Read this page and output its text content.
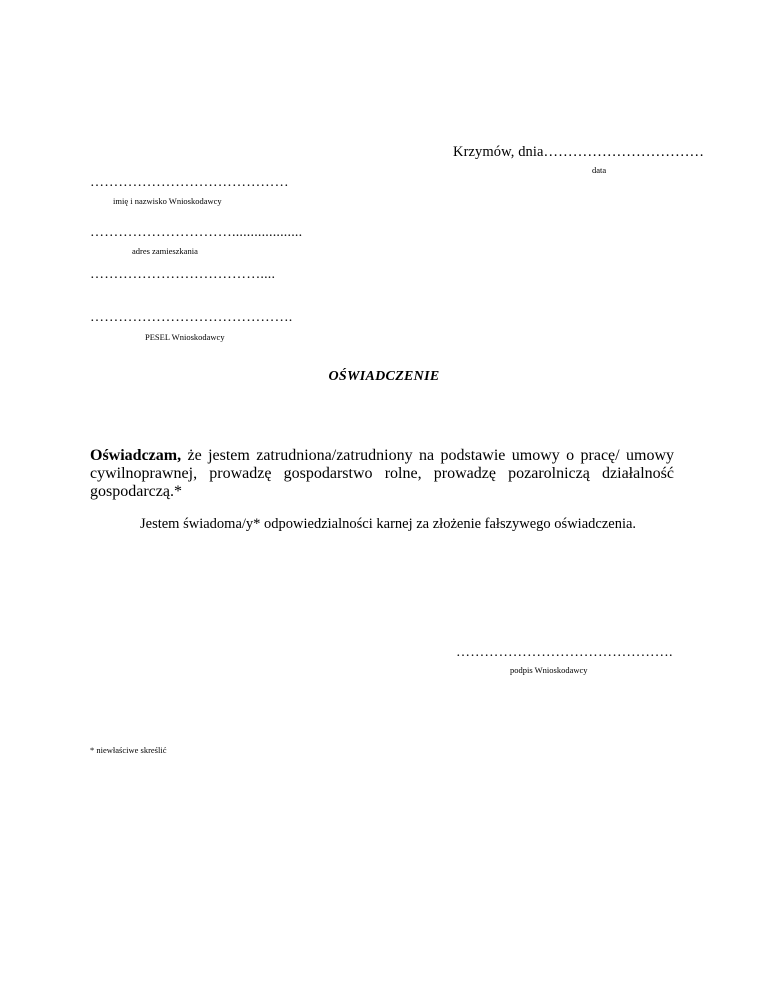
Krzymów, dnia……………………………
data
……………………………………
imię i nazwisko Wnioskodawcy
…………………………...................
adres zamieszkania
………………………………....
…………………………………….
PESEL Wnioskodawcy
OŚWIADCZENIE
Oświadczam, że jestem zatrudniona/zatrudniony na podstawie umowy o pracę/ umowy
cywilnoprawnej, prowadzę gospodarstwo rolne, prowadzę pozarolniczą działalność
gospodarczą.*
Jestem świadoma/y* odpowiedzialności karnej za złożenie fałszywego oświadczenia.
……………………………………….
podpis Wnioskodawcy
* niewłaściwe skreślić
